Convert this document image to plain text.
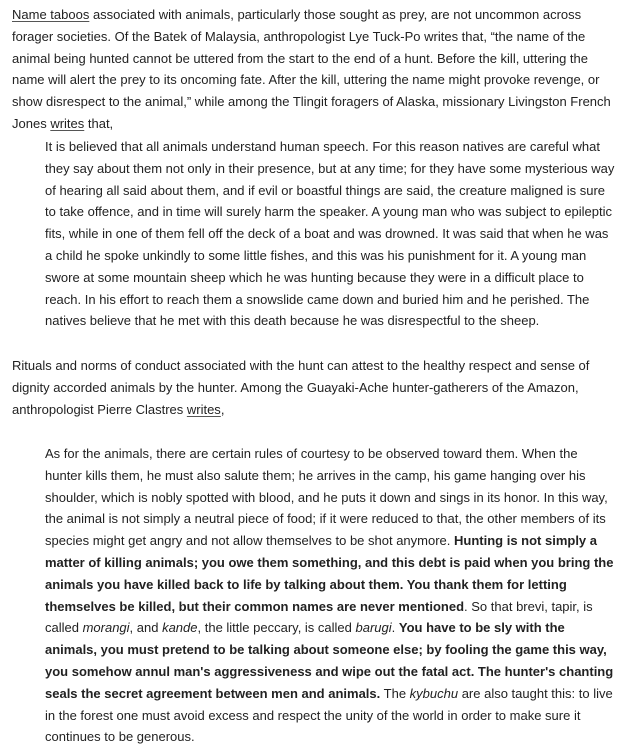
Name taboos associated with animals, particularly those sought as prey, are not uncommon across forager societies. Of the Batek of Malaysia, anthropologist Lye Tuck-Po writes that, “the name of the animal being hunted cannot be uttered from the start to the end of a hunt. Before the kill, uttering the name will alert the prey to its oncoming fate. After the kill, uttering the name might provoke revenge, or show disrespect to the animal,” while among the Tlingit foragers of Alaska, missionary Livingston French Jones writes that,

It is believed that all animals understand human speech. For this reason natives are careful what they say about them not only in their presence, but at any time; for they have some mysterious way of hearing all said about them, and if evil or boastful things are said, the creature maligned is sure to take offence, and in time will surely harm the speaker. A young man who was subject to epileptic fits, while in one of them fell off the deck of a boat and was drowned. It was said that when he was a child he spoke unkindly to some little fishes, and this was his punishment for it. A young man swore at some mountain sheep which he was hunting because they were in a difficult place to reach. In his effort to reach them a snowslide came down and buried him and he perished. The natives believe that he met with this death because he was disrespectful to the sheep.

Rituals and norms of conduct associated with the hunt can attest to the healthy respect and sense of dignity accorded animals by the hunter. Among the Guayaki-Ache hunter-gatherers of the Amazon, anthropologist Pierre Clastres writes,

As for the animals, there are certain rules of courtesy to be observed toward them. When the hunter kills them, he must also salute them; he arrives in the camp, his game hanging over his shoulder, which is nobly spotted with blood, and he puts it down and sings in its honor. In this way, the animal is not simply a neutral piece of food; if it were reduced to that, the other members of its species might get angry and not allow themselves to be shot anymore. Hunting is not simply a matter of killing animals; you owe them something, and this debt is paid when you bring the animals you have killed back to life by talking about them. You thank them for letting themselves be killed, but their common names are never mentioned. So that brevi, tapir, is called morangi, and kande, the little peccary, is called barugi. You have to be sly with the animals, you must pretend to be talking about someone else; by fooling the game this way, you somehow annul man's aggressiveness and wipe out the fatal act. The hunter's chanting seals the secret agreement between men and animals. The kybuchu are also taught this: to live in the forest one must avoid excess and respect the unity of the world in order to make sure it continues to be generous.
